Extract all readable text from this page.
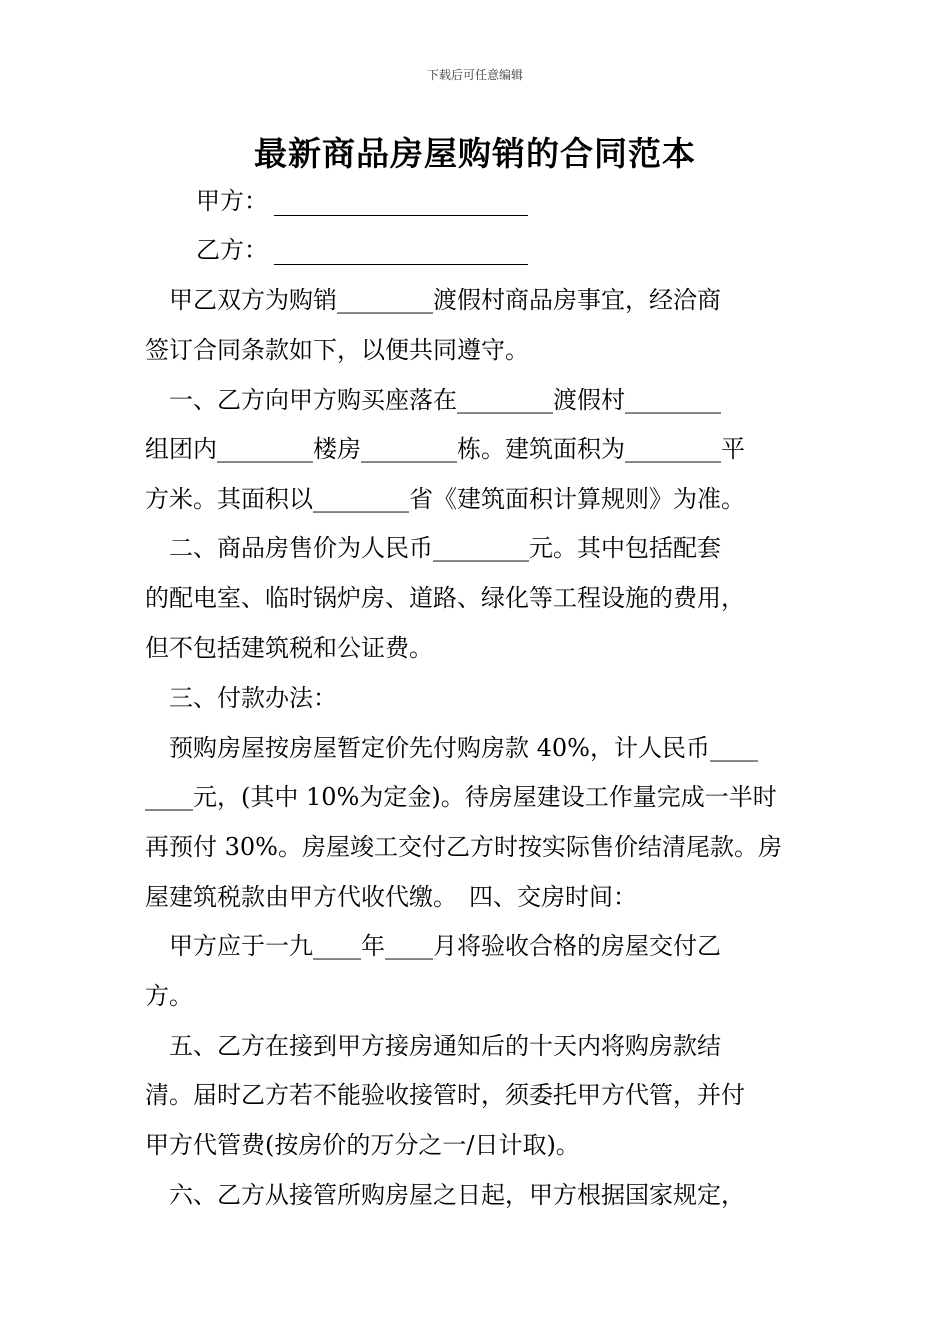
下载后可任意编辑
最新商品房屋购销的合同范本
甲方：
乙方：
　甲乙双方为购销________渡假村商品房事宜，经洽商
签订合同条款如下，以便共同遵守。
　一、乙方向甲方购买座落在________渡假村________
组团内________楼房________栋。建筑面积为________平
方米。其面积以________省《建筑面积计算规则》为准。
　二、商品房售价为人民币________元。其中包括配套
的配电室、临时锅炉房、道路、绿化等工程设施的费用，
但不包括建筑税和公证费。
　三、付款办法：
　预购房屋按房屋暂定价先付购房款 40%，计人民币____
____元，(其中 10%为定金)。待房屋建设工作量完成一半时
再预付 30%。房屋竣工交付乙方时按实际售价结清尾款。房
屋建筑税款由甲方代收代缴。　四、交房时间：
　甲方应于一九____年____月将验收合格的房屋交付乙
方。
　五、乙方在接到甲方接房通知后的十天内将购房款结
清。届时乙方若不能验收接管时，须委托甲方代管，并付
甲方代管费(按房价的万分之一/日计取)。
　六、乙方从接管所购房屋之日起，甲方根据国家规定，
